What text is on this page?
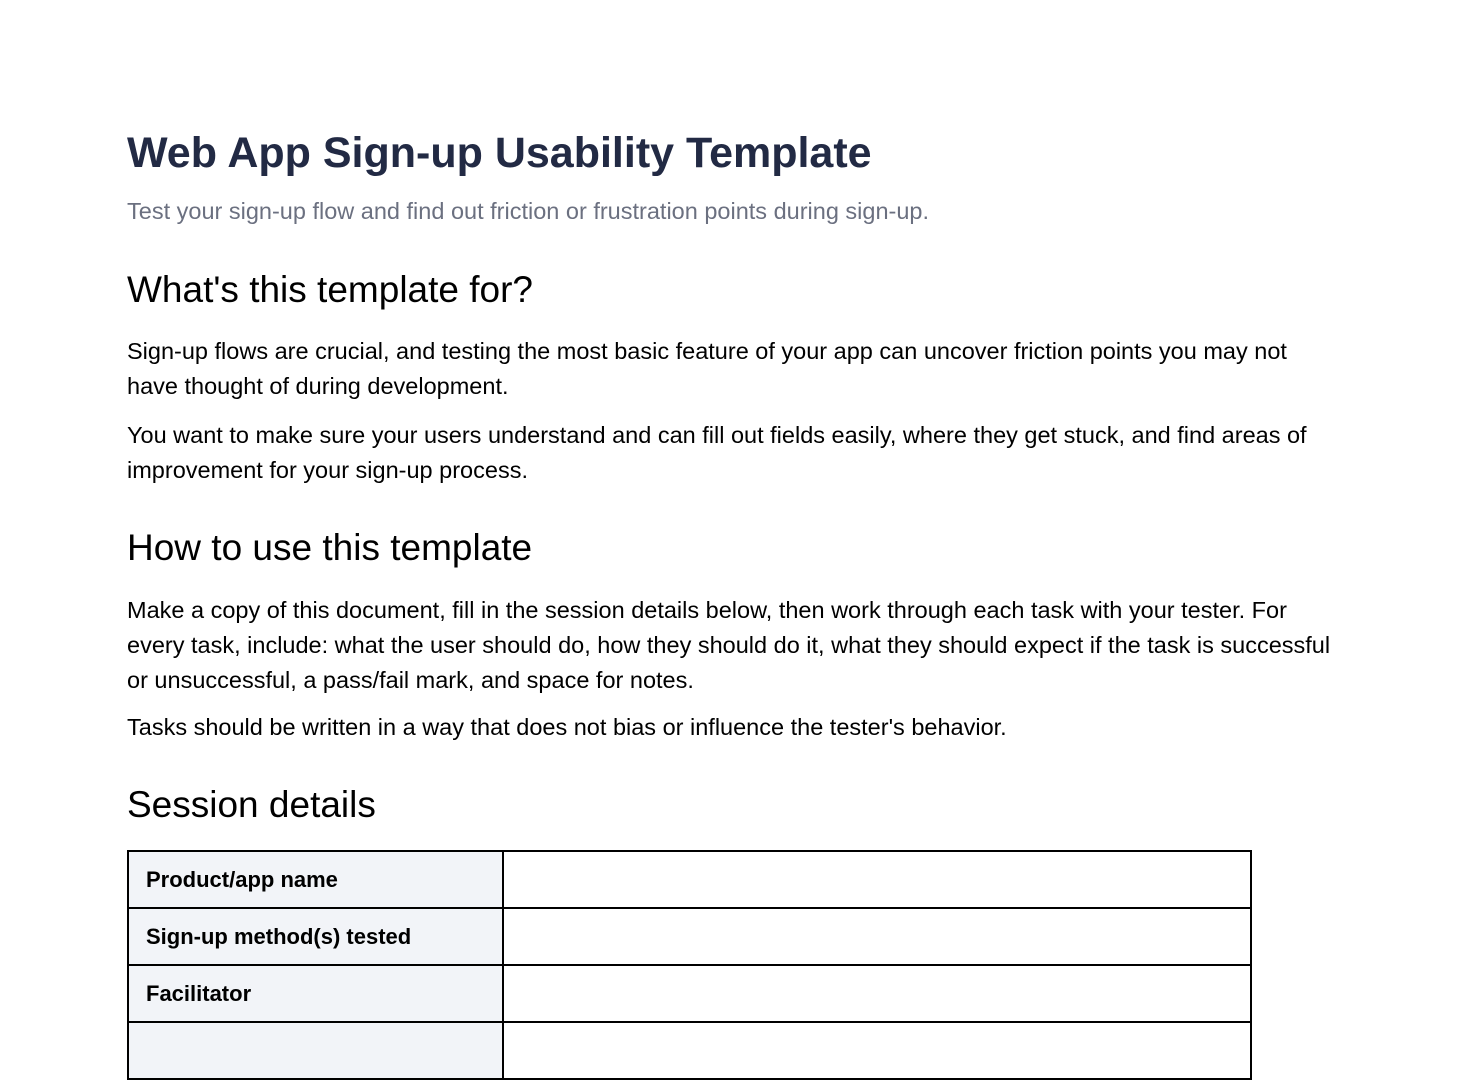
Web App Sign-up Usability Template
Test your sign-up flow and find out friction or frustration points during sign-up.
What's this template for?

Sign-up flows are crucial, and testing the most basic feature of your app can uncover friction points you may not have thought of during development.

You want to make sure your users understand and can fill out fields easily, where they get stuck, and find areas of improvement for your sign-up process.

How to use this template

Make a copy of this document, fill in the session details below, then work through each task with your tester. For every task, include: what the user should do, how they should do it, what they should expect if the task is successful or unsuccessful, a pass/fail mark, and space for notes.

Tasks should be written in a way that does not bias or influence the tester's behavior.

Session details
Product/app name	
Sign-up method(s) tested	
Facilitator	
